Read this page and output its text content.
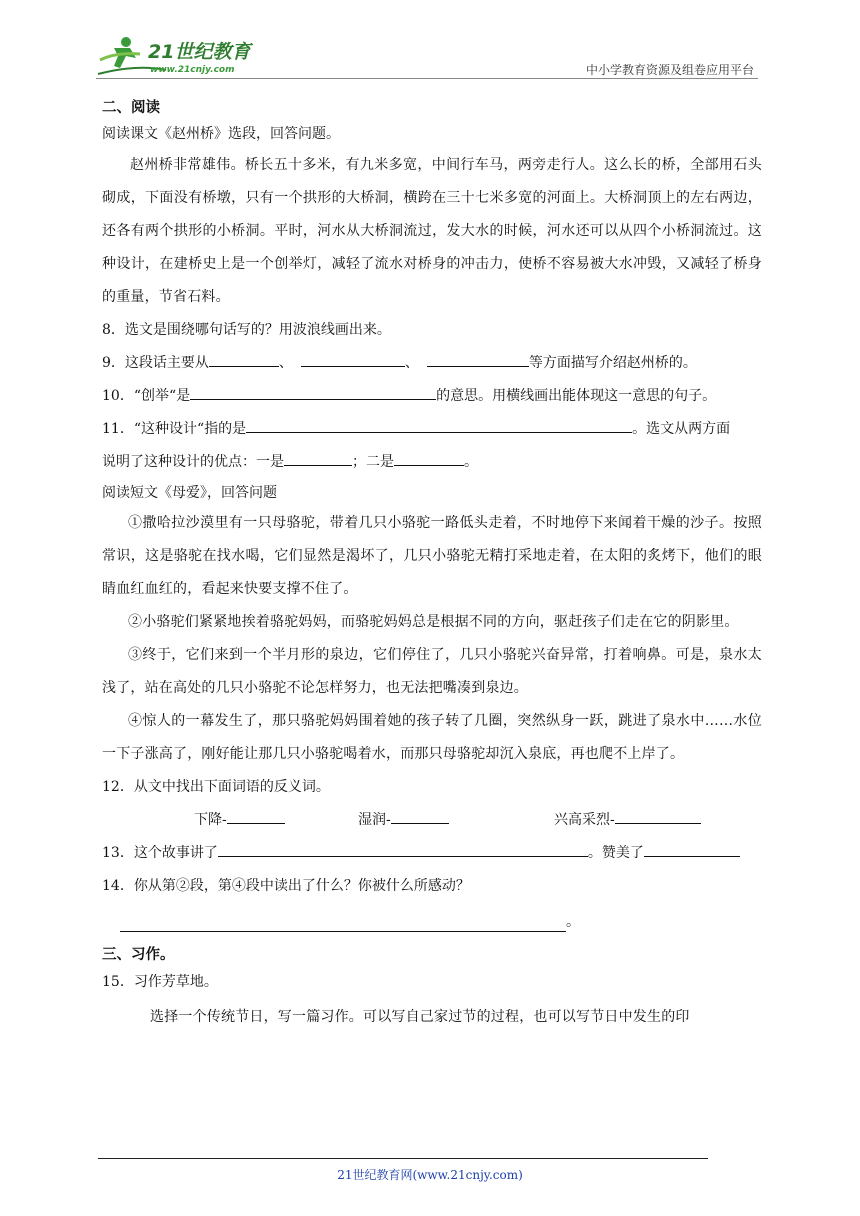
21世纪教育
www.21cnjy.com	中小学教育资源及组卷应用平台

二、阅读

阅读课文《赵州桥》选段，回答问题。

赵州桥非常雄伟。桥长五十多米，有九米多宽，中间行车马，两旁走行人。这么长的桥，全部用石头砌成，下面没有桥墩，只有一个拱形的大桥洞，横跨在三十七米多宽的河面上。大桥洞顶上的左右两边，还各有两个拱形的小桥洞。平时，河水从大桥洞流过，发大水的时候，河水还可以从四个小桥洞流过。这种设计，在建桥史上是一个创举灯，减轻了流水对桥身的冲击力，使桥不容易被大水冲毁，又减轻了桥身的重量，节省石料。

8．选文是围绕哪句话写的？用波浪线画出来。

9．这段话主要从	、	、	等方面描写介绍赵州桥的。

10．“创举“是	的意思。用横线画出能体现这一意思的句子。

11．“这种设计“指的是	。选文从两方面

说明了这种设计的优点：一是	；二是	。

阅读短文《母爱》，回答问题

①撒哈拉沙漠里有一只母骆驼，带着几只小骆驼一路低头走着，不时地停下来闻着干燥的沙子。按照常识，这是骆驼在找水喝，它们显然是渴坏了，几只小骆驼无精打采地走着，在太阳的炙烤下，他们的眼睛血红血红的，看起来快要支撑不住了。

②小骆驼们紧紧地挨着骆驼妈妈，而骆驼妈妈总是根据不同的方向，驱赶孩子们走在它的阴影里。

③终于，它们来到一个半月形的泉边，它们停住了，几只小骆驼兴奋异常，打着响鼻。可是，泉水太浅了，站在高处的几只小骆驼不论怎样努力，也无法把嘴凑到泉边。

④惊人的一幕发生了，那只骆驼妈妈围着她的孩子转了几圈，突然纵身一跃，跳进了泉水中……水位一下子涨高了，刚好能让那几只小骆驼喝着水，而那只母骆驼却沉入泉底，再也爬不上岸了。

12．从文中找出下面词语的反义词。

下降-	湿润-	兴高采烈-

13．这个故事讲了	。赞美了

14．你从第②段，第④段中读出了什么？你被什么所感动？

。

三、习作。

15．习作芳草地。

选择一个传统节日，写一篇习作。可以写自己家过节的过程，也可以写节日中发生的印

21世纪教育网(www.21cnjy.com)
